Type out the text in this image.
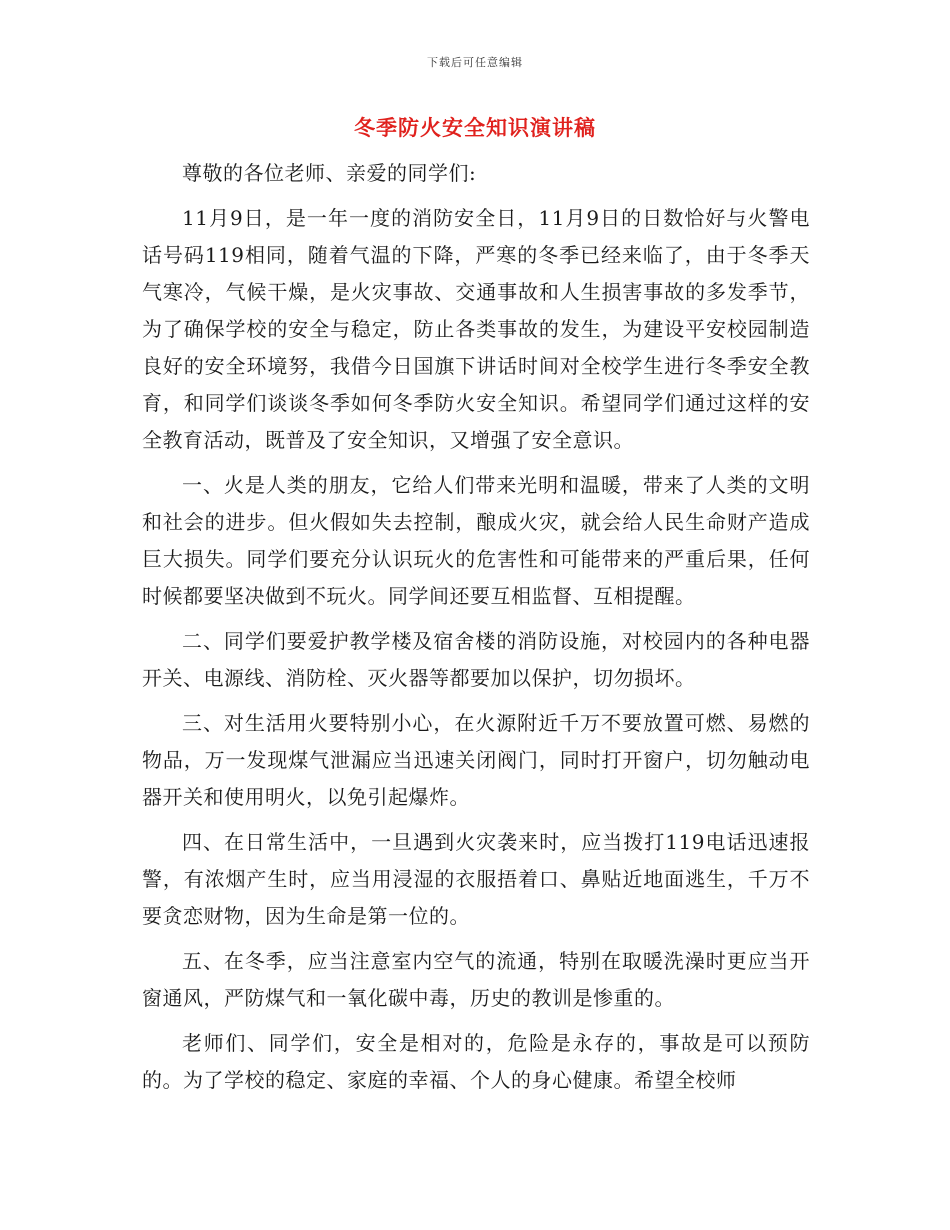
下载后可任意编辑
冬季防火安全知识演讲稿

尊敬的各位老师、亲爱的同学们:

11月9日，是一年一度的消防安全日，11月9日的日数恰好与火警电话号码119相同，随着气温的下降，严寒的冬季已经来临了，由于冬季天气寒冷，气候干燥，是火灾事故、交通事故和人生损害事故的多发季节，为了确保学校的安全与稳定，防止各类事故的发生，为建设平安校园制造良好的安全环境努，我借今日国旗下讲话时间对全校学生进行冬季安全教育，和同学们谈谈冬季如何冬季防火安全知识。希望同学们通过这样的安全教育活动，既普及了安全知识，又增强了安全意识。

一、火是人类的朋友，它给人们带来光明和温暖，带来了人类的文明和社会的进步。但火假如失去控制，酿成火灾，就会给人民生命财产造成巨大损失。同学们要充分认识玩火的危害性和可能带来的严重后果，任何时候都要坚决做到不玩火。同学间还要互相监督、互相提醒。

二、同学们要爱护教学楼及宿舍楼的消防设施，对校园内的各种电器开关、电源线、消防栓、灭火器等都要加以保护，切勿损坏。

三、对生活用火要特别小心，在火源附近千万不要放置可燃、易燃的物品，万一发现煤气泄漏应当迅速关闭阀门，同时打开窗户，切勿触动电器开关和使用明火，以免引起爆炸。

四、在日常生活中，一旦遇到火灾袭来时，应当拨打119电话迅速报警，有浓烟产生时，应当用浸湿的衣服捂着口、鼻贴近地面逃生，千万不要贪恋财物，因为生命是第一位的。

五、在冬季，应当注意室内空气的流通，特别在取暖洗澡时更应当开窗通风，严防煤气和一氧化碳中毒，历史的教训是惨重的。

老师们、同学们，安全是相对的，危险是永存的，事故是可以预防的。为了学校的稳定、家庭的幸福、个人的身心健康。希望全校师
